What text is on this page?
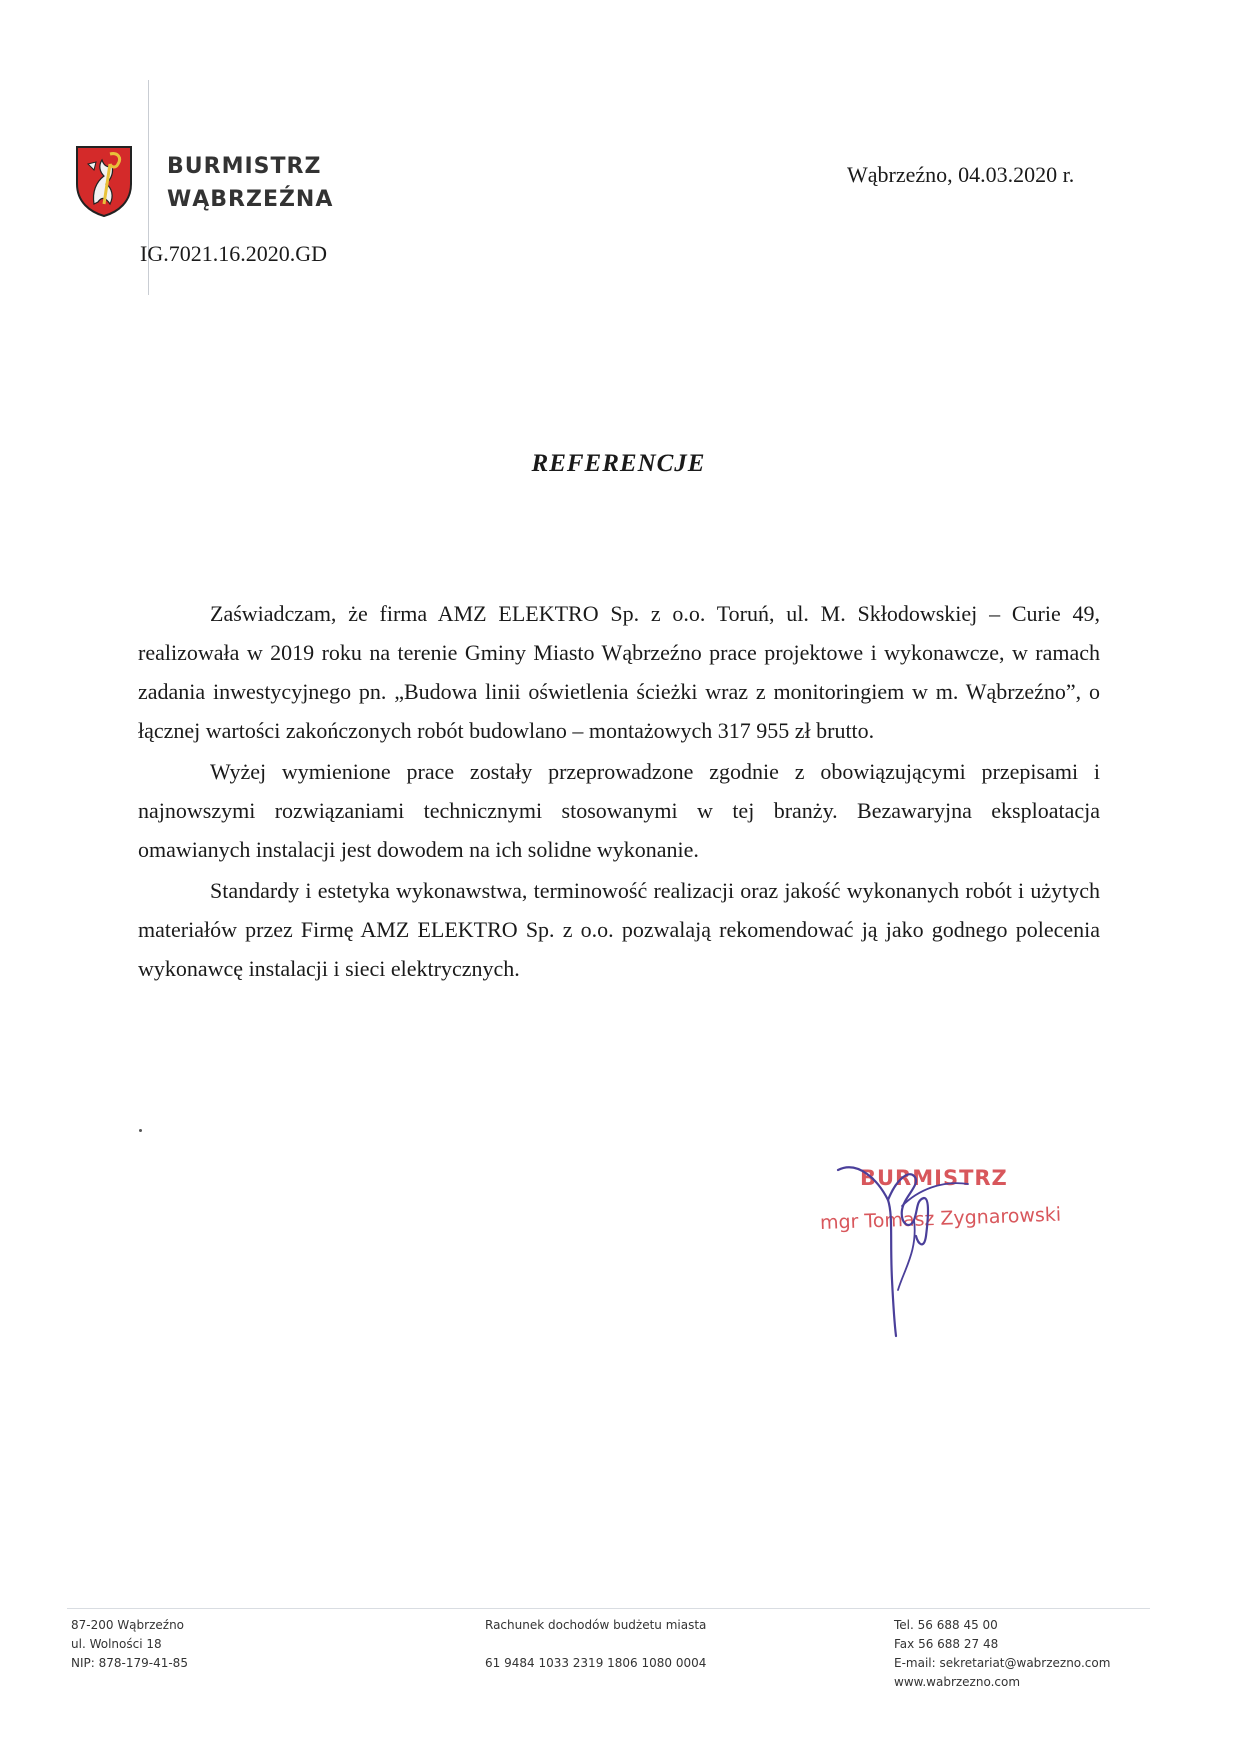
BURMISTRZ
WĄBRZEŹNA
Wąbrzeźno, 04.03.2020 r.
IG.7021.16.2020.GD
REFERENCJE

Zaświadczam, że firma AMZ ELEKTRO Sp. z o.o. Toruń, ul. M. Skłodowskiej – Curie 49, realizowała w 2019 roku na terenie Gminy Miasto Wąbrzeźno prace projektowe i wykonawcze, w ramach zadania inwestycyjnego pn. „Budowa linii oświetlenia ścieżki wraz z monitoringiem w m. Wąbrzeźno”, o łącznej wartości zakończonych robót budowlano – montażowych 317 955 zł brutto.

Wyżej wymienione prace zostały przeprowadzone zgodnie z obowiązującymi przepisami i najnowszymi rozwiązaniami technicznymi stosowanymi w tej branży. Bezawaryjna eksploatacja omawianych instalacji jest dowodem na ich solidne wykonanie.

Standardy i estetyka wykonawstwa, terminowość realizacji oraz jakość wykonanych robót i użytych materiałów przez Firmę AMZ ELEKTRO Sp. z o.o. pozwalają rekomendować ją jako godnego polecenia wykonawcę instalacji i sieci elektrycznych.

BURMISTRZ
mgr Tomasz Zygnarowski
87-200 Wąbrzeźno
ul. Wolności 18
NIP: 878-179-41-85
Rachunek dochodów budżetu miasta
61 9484 1033 2319 1806 1080 0004
Tel. 56 688 45 00
Fax 56 688 27 48
E-mail: sekretariat@wabrzezno.com
www.wabrzezno.com
